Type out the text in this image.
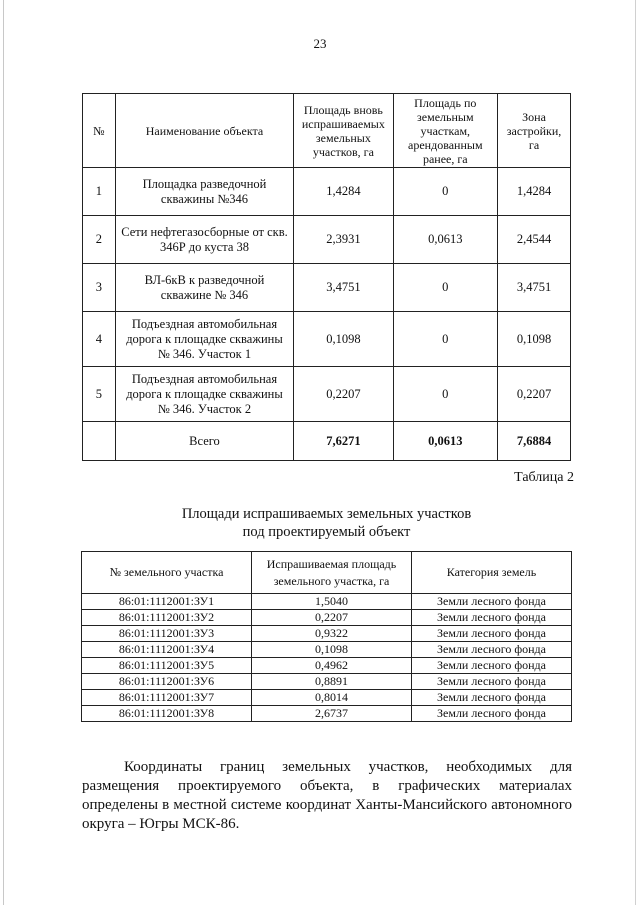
23
№	Наименование объекта	Площадь вновь испрашиваемых земельных участков, га	Площадь по земельным участкам, арендованным ранее, га	Зона застройки, га
1	Площадка разведочной скважины №346	1,4284	0	1,4284
2	Сети нефтегазосборные от скв. 346Р до куста 38	2,3931	0,0613	2,4544
3	ВЛ-6кВ к разведочной скважине № 346	3,4751	0	3,4751
4	Подъездная автомобильная дорога к площадке скважины № 346. Участок 1	0,1098	0	0,1098
5	Подъездная автомобильная дорога к площадке скважины № 346. Участок 2	0,2207	0	0,2207
	Всего	7,6271	0,0613	7,6884
Таблица 2
Площади испрашиваемых земельных участков
под проектируемый объект
№ земельного участка	Испрашиваемая площадь земельного участка, га	Категория земель
86:01:1112001:ЗУ1	1,5040	Земли лесного фонда
86:01:1112001:ЗУ2	0,2207	Земли лесного фонда
86:01:1112001:ЗУ3	0,9322	Земли лесного фонда
86:01:1112001:ЗУ4	0,1098	Земли лесного фонда
86:01:1112001:ЗУ5	0,4962	Земли лесного фонда
86:01:1112001:ЗУ6	0,8891	Земли лесного фонда
86:01:1112001:ЗУ7	0,8014	Земли лесного фонда
86:01:1112001:ЗУ8	2,6737	Земли лесного фонда
Координаты границ земельных участков, необходимых для размещения проектируемого объекта, в графических материалах определены в местной системе координат Ханты-Мансийского автономного округа – Югры МСК-86.
